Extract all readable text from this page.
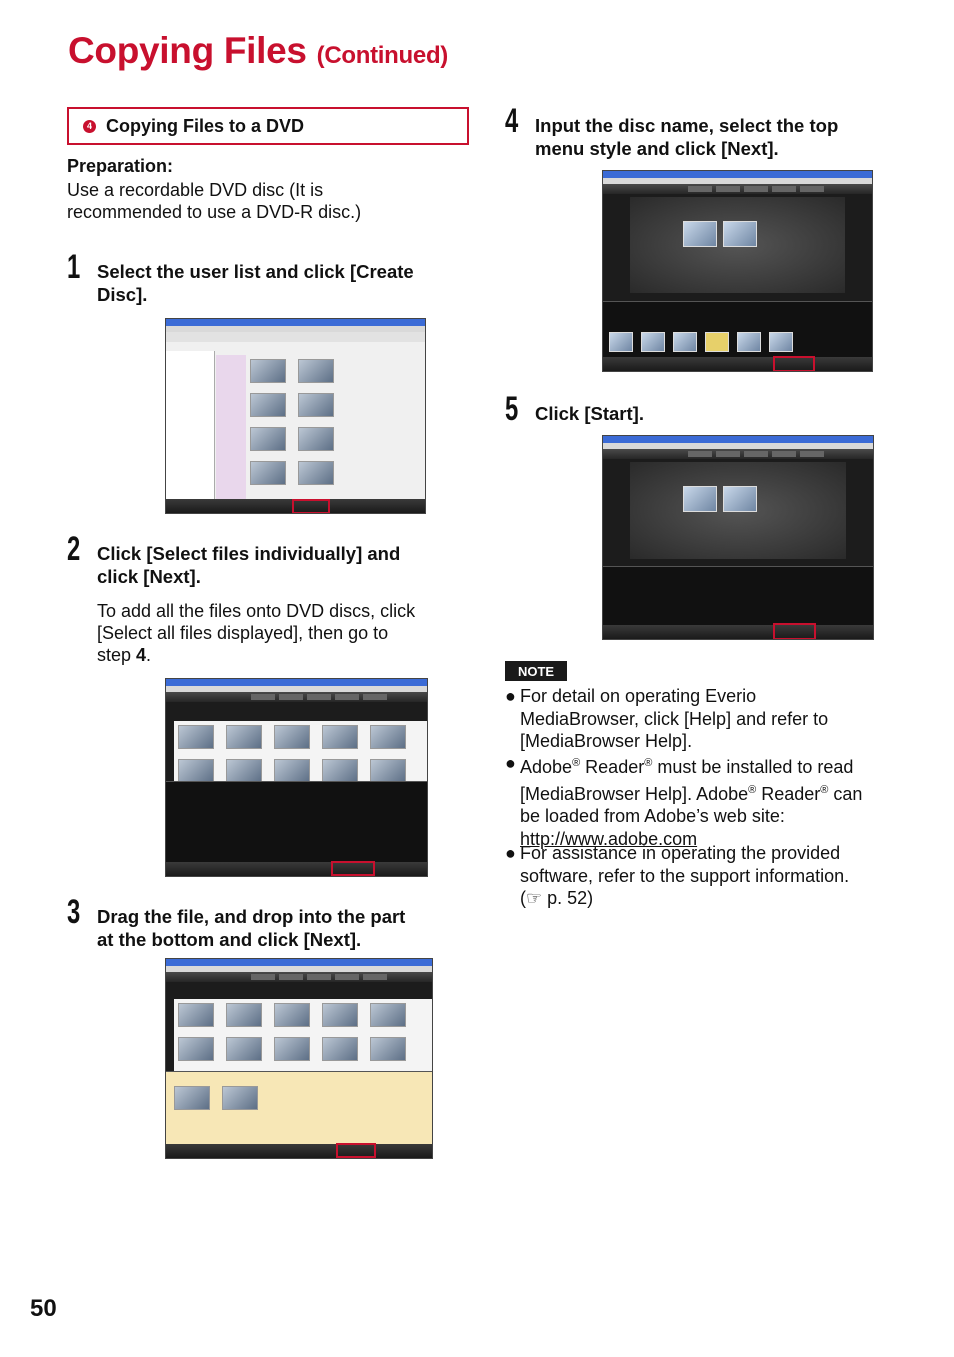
Copying Files (Continued)
4 Copying Files to a DVD
Preparation:
Use a recordable DVD disc (It is
recommended to use a DVD-R disc.)
1 Select the user list and click [Create
Disc].
2 Click [Select files individually] and
click [Next].
To add all the files onto DVD discs, click
[Select all files displayed], then go to
step 4.
3 Drag the file, and drop into the part
at the bottom and click [Next].
4 Input the disc name, select the top
menu style and click [Next].
5 Click [Start].
NOTE
● For detail on operating Everio
MediaBrowser, click [Help] and refer to
[MediaBrowser Help].
● Adobe® Reader® must be installed to read
[MediaBrowser Help]. Adobe® Reader® can
be loaded from Adobe’s web site:
http://www.adobe.com
● For assistance in operating the provided
software, refer to the support information.
(☞ p. 52)
50
